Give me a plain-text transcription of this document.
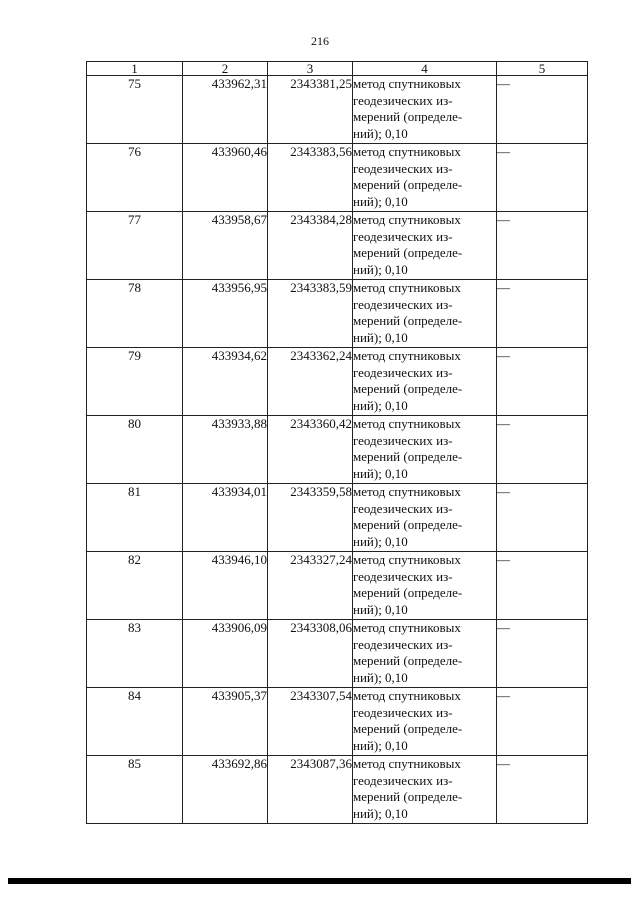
216
1	2	3	4	5
75	433962,31	2343381,25	метод спутниковых
геодезических из-
мерений (определе-
ний); 0,10	—
76	433960,46	2343383,56	метод спутниковых
геодезических из-
мерений (определе-
ний); 0,10	—
77	433958,67	2343384,28	метод спутниковых
геодезических из-
мерений (определе-
ний); 0,10	—
78	433956,95	2343383,59	метод спутниковых
геодезических из-
мерений (определе-
ний); 0,10	—
79	433934,62	2343362,24	метод спутниковых
геодезических из-
мерений (определе-
ний); 0,10	—
80	433933,88	2343360,42	метод спутниковых
геодезических из-
мерений (определе-
ний); 0,10	—
81	433934,01	2343359,58	метод спутниковых
геодезических из-
мерений (определе-
ний); 0,10	—
82	433946,10	2343327,24	метод спутниковых
геодезических из-
мерений (определе-
ний); 0,10	—
83	433906,09	2343308,06	метод спутниковых
геодезических из-
мерений (определе-
ний); 0,10	—
84	433905,37	2343307,54	метод спутниковых
геодезических из-
мерений (определе-
ний); 0,10	—
85	433692,86	2343087,36	метод спутниковых
геодезических из-
мерений (определе-
ний); 0,10	—
